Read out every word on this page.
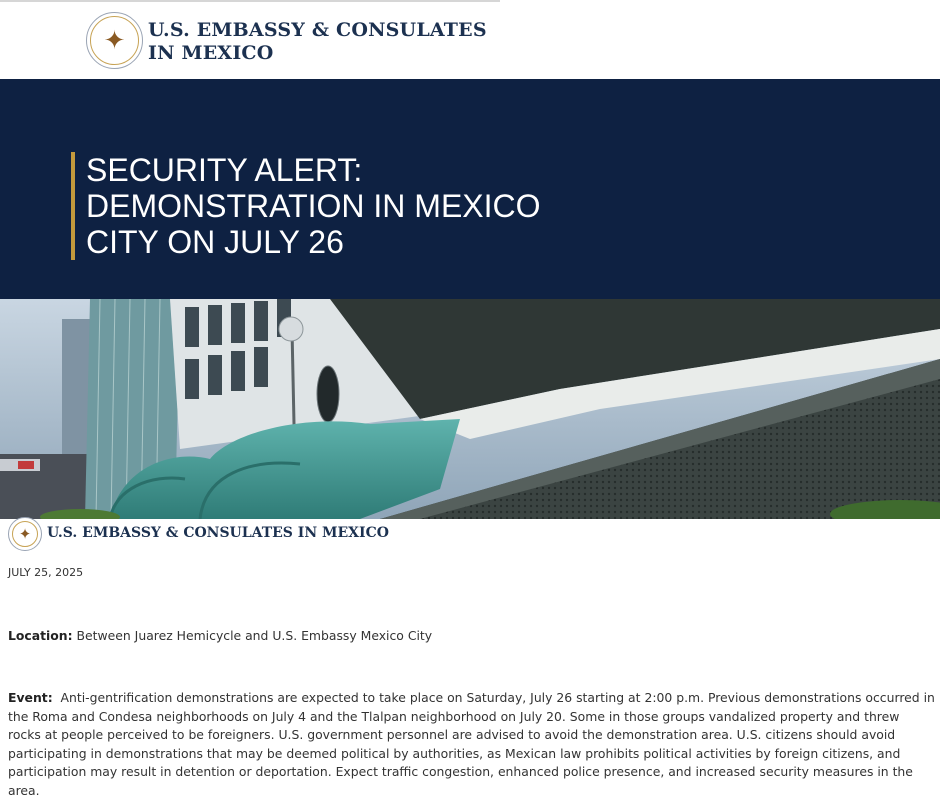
✦ U.S. EMBASSY & CONSULATES
IN MEXICO
SECURITY ALERT: DEMONSTRATION IN MEXICO CITY ON JULY 26
✦ U.S. EMBASSY & CONSULATES IN MEXICO
JULY 25, 2025

Location: Between Juarez Hemicycle and U.S. Embassy Mexico City

Event: Anti-gentrification demonstrations are expected to take place on Saturday, July 26 starting at 2:00 p.m. Previous demonstrations occurred in the Roma and Condesa neighborhoods on July 4 and the Tlalpan neighborhood on July 20. Some in those groups vandalized property and threw rocks at people perceived to be foreigners. U.S. government personnel are advised to avoid the demonstration area. U.S. citizens should avoid participating in demonstrations that may be deemed political by authorities, as Mexican law prohibits political activities by foreign citizens, and participation may result in detention or deportation. Expect traffic congestion, enhanced police presence, and increased security measures in the area.
